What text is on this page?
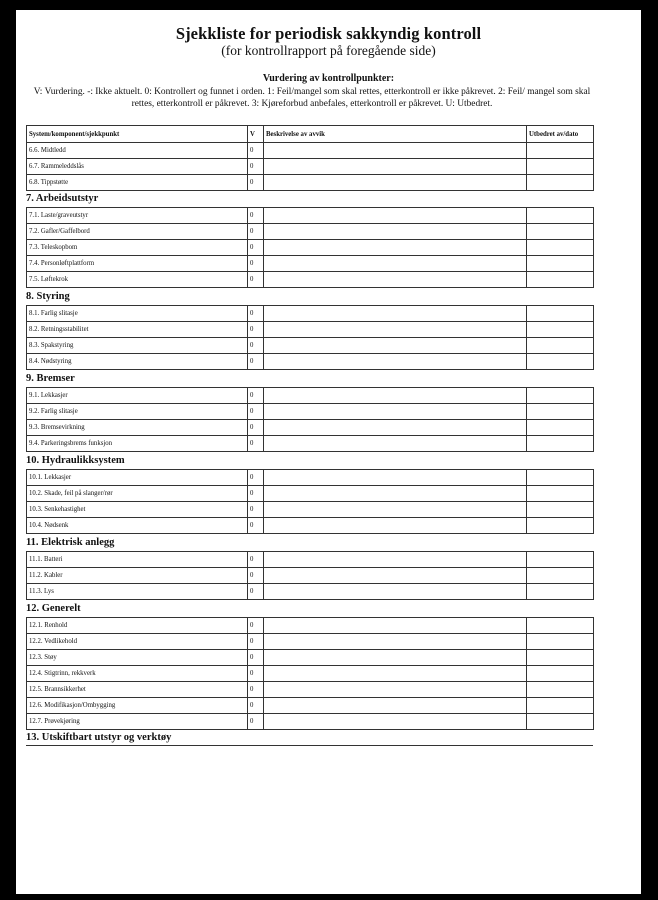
Sjekkliste for periodisk sakkyndig kontroll
(for kontrollrapport på foregående side)
Vurdering av kontrollpunkter:
V: Vurdering. -: Ikke aktuelt. 0: Kontrollert og funnet i orden. 1: Feil/mangel som skal rettes, etterkontroll er ikke påkrevet. 2: Feil/ mangel som skal rettes, etterkontroll er påkrevet. 3: Kjøreforbud anbefales, etterkontroll er påkrevet. U: Utbedret.
System/komponent/sjekkpunkt	V	Beskrivelse av avvik	Utbedret av/dato
6.6. Midtledd	0		
6.7. Rammeleddslås	0		
6.8. Tippstøtte	0		
7. Arbeidsutstyr
7.1. Laste/graveutstyr	0		
7.2. Gafler/Gaffelbord	0		
7.3. Teleskopbom	0		
7.4. Personløftplattform	0		
7.5. Løftekrok	0		
8. Styring
8.1. Farlig slitasje	0		
8.2. Retningsstabilitet	0		
8.3. Spakstyring	0		
8.4. Nødstyring	0		
9. Bremser
9.1. Lekkasjer	0		
9.2. Farlig slitasje	0		
9.3. Bremsevirkning	0		
9.4. Parkeringsbrems funksjon	0		
10. Hydraulikksystem
10.1. Lekkasjer	0		
10.2. Skade, feil på slanger/rør	0		
10.3. Senkehastighet	0		
10.4. Nødsenk	0		
11. Elektrisk anlegg
11.1. Batteri	0		
11.2. Kabler	0		
11.3. Lys	0		
12. Generelt
12.1. Renhold	0		
12.2. Vedlikehold	0		
12.3. Støy	0		
12.4. Stigtrinn, rekkverk	0		
12.5. Brannsikkerhet	0		
12.6. Modifikasjon/Ombygging	0		
12.7. Prøvekjøring	0		
13. Utskiftbart utstyr og verktøy
